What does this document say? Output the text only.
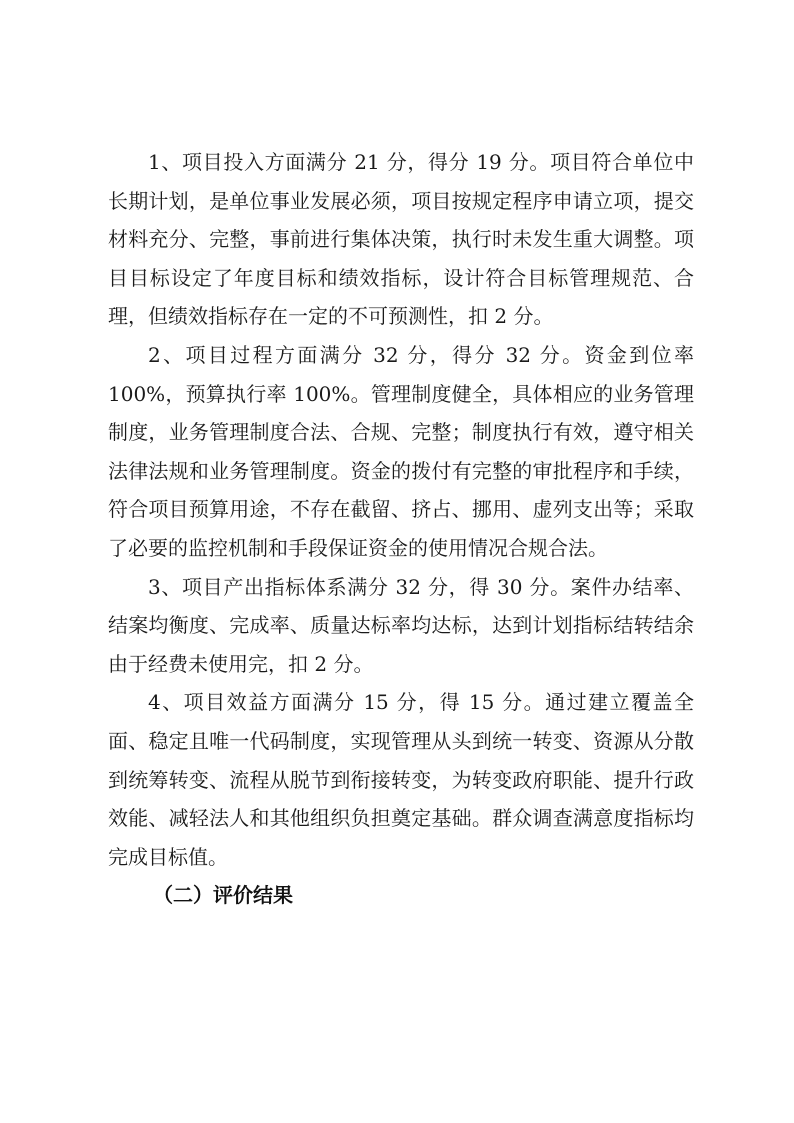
1、项目投入方面满分 21 分，得分 19 分。项目符合单位中长期计划，是单位事业发展必须，项目按规定程序申请立项，提交材料充分、完整，事前进行集体决策，执行时未发生重大调整。项目目标设定了年度目标和绩效指标，设计符合目标管理规范、合理，但绩效指标存在一定的不可预测性，扣 2 分。

2、项目过程方面满分 32 分，得分 32 分。资金到位率 100%，预算执行率 100%。管理制度健全，具体相应的业务管理制度，业务管理制度合法、合规、完整；制度执行有效，遵守相关法律法规和业务管理制度。资金的拨付有完整的审批程序和手续，符合项目预算用途，不存在截留、挤占、挪用、虚列支出等；采取了必要的监控机制和手段保证资金的使用情况合规合法。

3、项目产出指标体系满分 32 分，得 30 分。案件办结率、结案均衡度、完成率、质量达标率均达标，达到计划指标结转结余由于经费未使用完，扣 2 分。

4、项目效益方面满分 15 分，得 15 分。通过建立覆盖全面、稳定且唯一代码制度，实现管理从头到统一转变、资源从分散到统筹转变、流程从脱节到衔接转变，为转变政府职能、提升行政效能、减轻法人和其他组织负担奠定基础。群众调查满意度指标均完成目标值。

（二）评价结果
